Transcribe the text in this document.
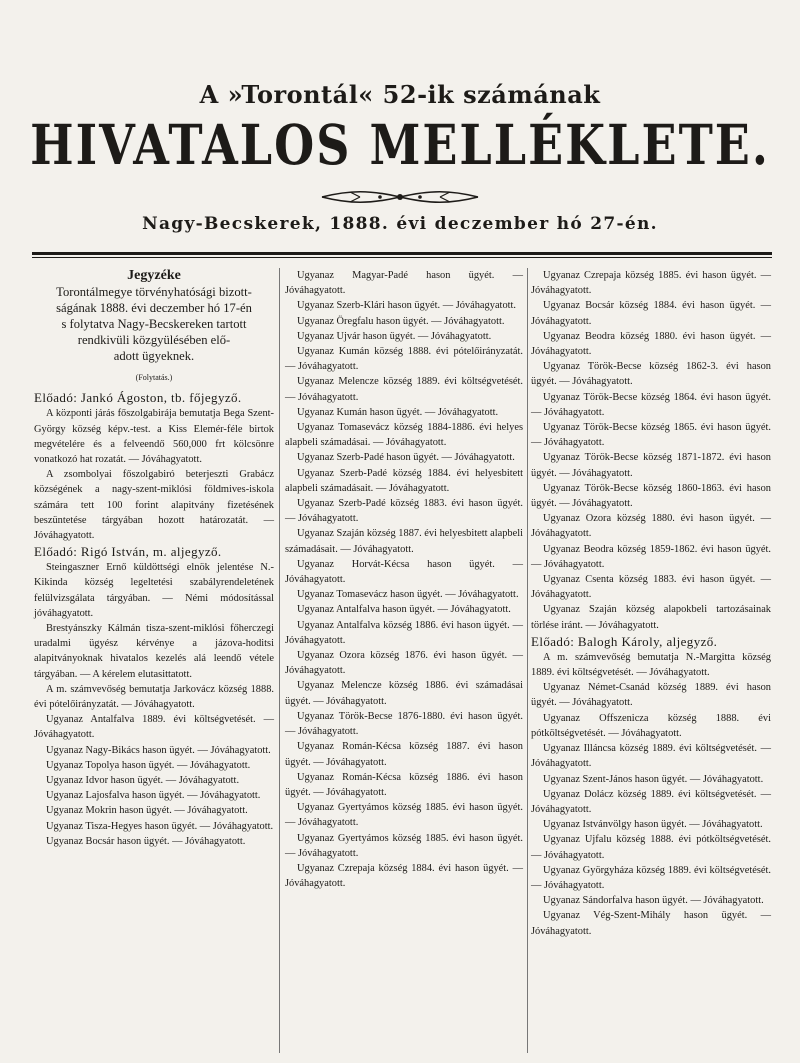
A »Torontál« 52-ik számának
HIVATALOS MELLÉKLETE.
Nagy-Becskerek, 1888. évi deczember hó 27-én.
Jegyzéke

Torontálmegye törvényhatósági bizott-

ságának 1888. évi deczember hó 17-én

s folytatva Nagy-Becskereken tartott

rendkivüli közgyülésében elő-

adott ügyeknek.

(Folytatás.)

Előadó: Jankó Ágoston, tb. főjegyző.

A központi járás főszolgabirája bemutatja Bega Szent-György község képv.-test. a Kiss Elemér-féle birtok megvételére és a felveendő 560,000 frt kölcsönre vonatkozó hat rozatát. — Jóváhagyatott.

A zsombolyai főszolgabiró beterjeszti Grabácz községének a nagy-szent-miklósi földmives-iskola számára tett 100 forint alapitvány fizetésének beszüntetése tárgyában hozott határozatát. — Jóváhagyatott.

Előadó: Rigó István, m. aljegyző.

Steingaszner Ernő küldöttségi elnök jelentése N.-Kikinda község legeltetési szabályrendeletének felülvizsgálata tárgyában. — Némi módosítással jóváhagyatott.

Brestyánszky Kálmán tisza-szent-miklósi főherczegi uradalmi ügyész kérvénye a jázova-hoditsi alapitványoknak hivatalos kezelés alá leendő vétele tárgyában. — A kérelem elutasittatott.

A m. számvevőség bemutatja Jarkovácz község 1888. évi pótelőirányzatát. — Jóváhagyatott.

Ugyanaz Antalfalva 1889. évi költségvetését. — Jóváhagyatott.

Ugyanaz Nagy-Bikács hason ügyét. — Jóváhagyatott.

Ugyanaz Topolya hason ügyét. — Jóváhagyatott.

Ugyanaz Idvor hason ügyét. — Jóváhagyatott.

Ugyanaz Lajosfalva hason ügyét. — Jóváhagyatott.

Ugyanaz Mokrin hason ügyét. — Jóváhagyatott.

Ugyanaz Tisza-Hegyes hason ügyét. — Jóváhagyatott.

Ugyanaz Bocsár hason ügyét. — Jóváhagyatott.

Ugyanaz Magyar-Padé hason ügyét. — Jóváhagyatott.

Ugyanaz Szerb-Klári hason ügyét. — Jóváhagyatott.

Ugyanaz Öregfalu hason ügyét. — Jóváhagyatott.

Ugyanaz Ujvár hason ügyét. — Jóváhagyatott.

Ugyanaz Kumán község 1888. évi pótelőirányzatát. — Jóváhagyatott.

Ugyanaz Melencze község 1889. évi költségvetését. — Jóváhagyatott.

Ugyanaz Kumán hason ügyét. — Jóváhagyatott.

Ugyanaz Tomasevácz község 1884-1886. évi helyes alapbeli számadásai. — Jóváhagyatott.

Ugyanaz Szerb-Padé hason ügyét. — Jóváhagyatott.

Ugyanaz Szerb-Padé község 1884. évi helyesbitett alapbeli számadásait. — Jóváhagyatott.

Ugyanaz Szerb-Padé község 1883. évi hason ügyét. — Jóváhagyatott.

Ugyanaz Szaján község 1887. évi helyesbitett alapbeli számadásait. — Jóváhagyatott.

Ugyanaz Horvát-Kécsa hason ügyét. — Jóváhagyatott.

Ugyanaz Tomasevácz hason ügyét. — Jóváhagyatott.

Ugyanaz Antalfalva hason ügyét. — Jóváhagyatott.

Ugyanaz Antalfalva község 1886. évi hason ügyét. — Jóváhagyatott.

Ugyanaz Ozora község 1876. évi hason ügyét. — Jóváhagyatott.

Ugyanaz Melencze község 1886. évi számadásai ügyét. — Jóváhagyatott.

Ugyanaz Török-Becse 1876-1880. évi hason ügyét. — Jóváhagyatott.

Ugyanaz Román-Kécsa község 1887. évi hason ügyét. — Jóváhagyatott.

Ugyanaz Román-Kécsa község 1886. évi hason ügyét. — Jóváhagyatott.

Ugyanaz Gyertyámos község 1885. évi hason ügyét. — Jóváhagyatott.

Ugyanaz Gyertyámos község 1885. évi hason ügyét. — Jóváhagyatott.

Ugyanaz Czrepaja község 1884. évi hason ügyét. — Jóváhagyatott.

Ugyanaz Czrepaja község 1885. évi hason ügyét. — Jóváhagyatott.

Ugyanaz Bocsár község 1884. évi hason ügyét. — Jóváhagyatott.

Ugyanaz Beodra község 1880. évi hason ügyét. — Jóváhagyatott.

Ugyanaz Török-Becse község 1862-3. évi hason ügyét. — Jóváhagyatott.

Ugyanaz Török-Becse község 1864. évi hason ügyét. — Jóváhagyatott.

Ugyanaz Török-Becse község 1865. évi hason ügyét. — Jóváhagyatott.

Ugyanaz Török-Becse község 1871-1872. évi hason ügyét. — Jóváhagyatott.

Ugyanaz Török-Becse község 1860-1863. évi hason ügyét. — Jóváhagyatott.

Ugyanaz Ozora község 1880. évi hason ügyét. — Jóváhagyatott.

Ugyanaz Beodra község 1859-1862. évi hason ügyét. — Jóváhagyatott.

Ugyanaz Csenta község 1883. évi hason ügyét. — Jóváhagyatott.

Ugyanaz Szaján község alapokbeli tartozásainak törlése iránt. — Jóváhagyatott.

Előadó: Balogh Károly, aljegyző.

A m. számvevőség bemutatja N.-Margitta község 1889. évi költségvetését. — Jóváhagyatott.

Ugyanaz Német-Csanád község 1889. évi hason ügyét. — Jóváhagyatott.

Ugyanaz Offszenicza község 1888. évi pótköltségvetését. — Jóváhagyatott.

Ugyanaz Illáncsa község 1889. évi költségvetését. — Jóváhagyatott.

Ugyanaz Szent-János hason ügyét. — Jóváhagyatott.

Ugyanaz Dolácz község 1889. évi költségvetését. — Jóváhagyatott.

Ugyanaz Istvánvölgy hason ügyét. — Jóváhagyatott.

Ugyanaz Ujfalu község 1888. évi pótköltségvetését. — Jóváhagyatott.

Ugyanaz Györgyháza község 1889. évi költségvetését. — Jóváhagyatott.

Ugyanaz Sándorfalva hason ügyét. — Jóváhagyatott.

Ugyanaz Vég-Szent-Mihály hason ügyét. — Jóváhagyatott.
